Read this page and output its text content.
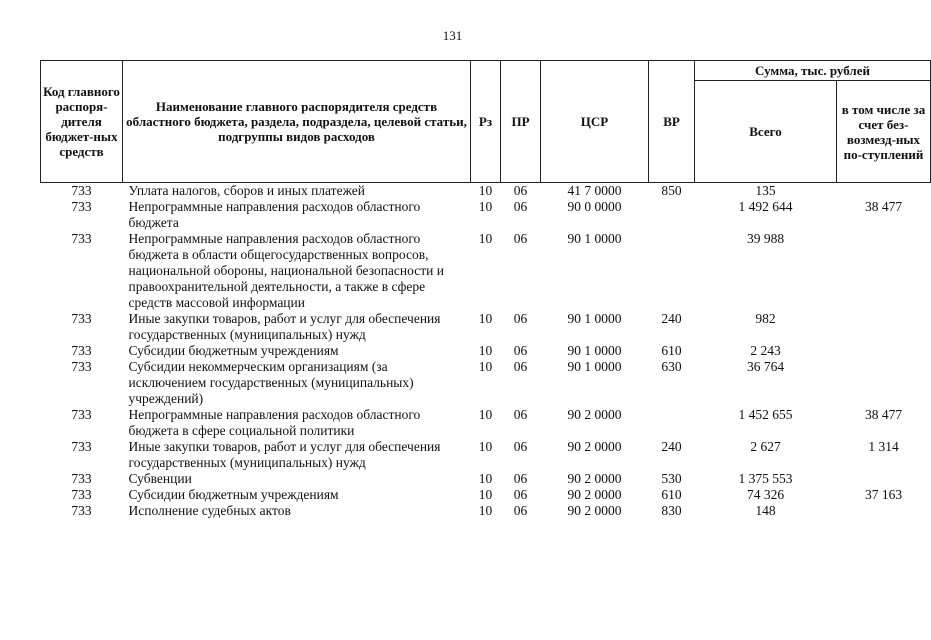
131
Код главного распоря-дителя бюджет-ных средств	Наименование главного распорядителя средств областного бюджета, раздела, подраздела, целевой статьи, подгруппы видов расходов	Рз	ПР	ЦСР	ВР	Сумма, тыс. рублей	
						Всего	в том числе за счет без-возмезд-ных по-ступлений
733	Уплата налогов, сборов и иных платежей	10	06	41 7 0000	850	135	
733	Непрограммные направления расходов областного бюджета	10	06	90 0 0000		1 492 644	38 477
733	Непрограммные направления расходов областного бюджета в области общегосударственных вопросов, национальной обороны, национальной безопасности и правоохранительной деятельности, а также в сфере средств массовой информации	10	06	90 1 0000		39 988	
733	Иные закупки товаров, работ и услуг для обеспечения государственных (муниципальных) нужд	10	06	90 1 0000	240	982	
733	Субсидии бюджетным учреждениям	10	06	90 1 0000	610	2 243	
733	Субсидии некоммерческим организациям (за исключением государственных (муниципальных) учреждений)	10	06	90 1 0000	630	36 764	
733	Непрограммные направления расходов областного бюджета в сфере социальной политики	10	06	90 2 0000		1 452 655	38 477
733	Иные закупки товаров, работ и услуг для обеспечения государственных (муниципальных) нужд	10	06	90 2 0000	240	2 627	1 314
733	Субвенции	10	06	90 2 0000	530	1 375 553	
733	Субсидии бюджетным учреждениям	10	06	90 2 0000	610	74 326	37 163
733	Исполнение судебных актов	10	06	90 2 0000	830	148	
